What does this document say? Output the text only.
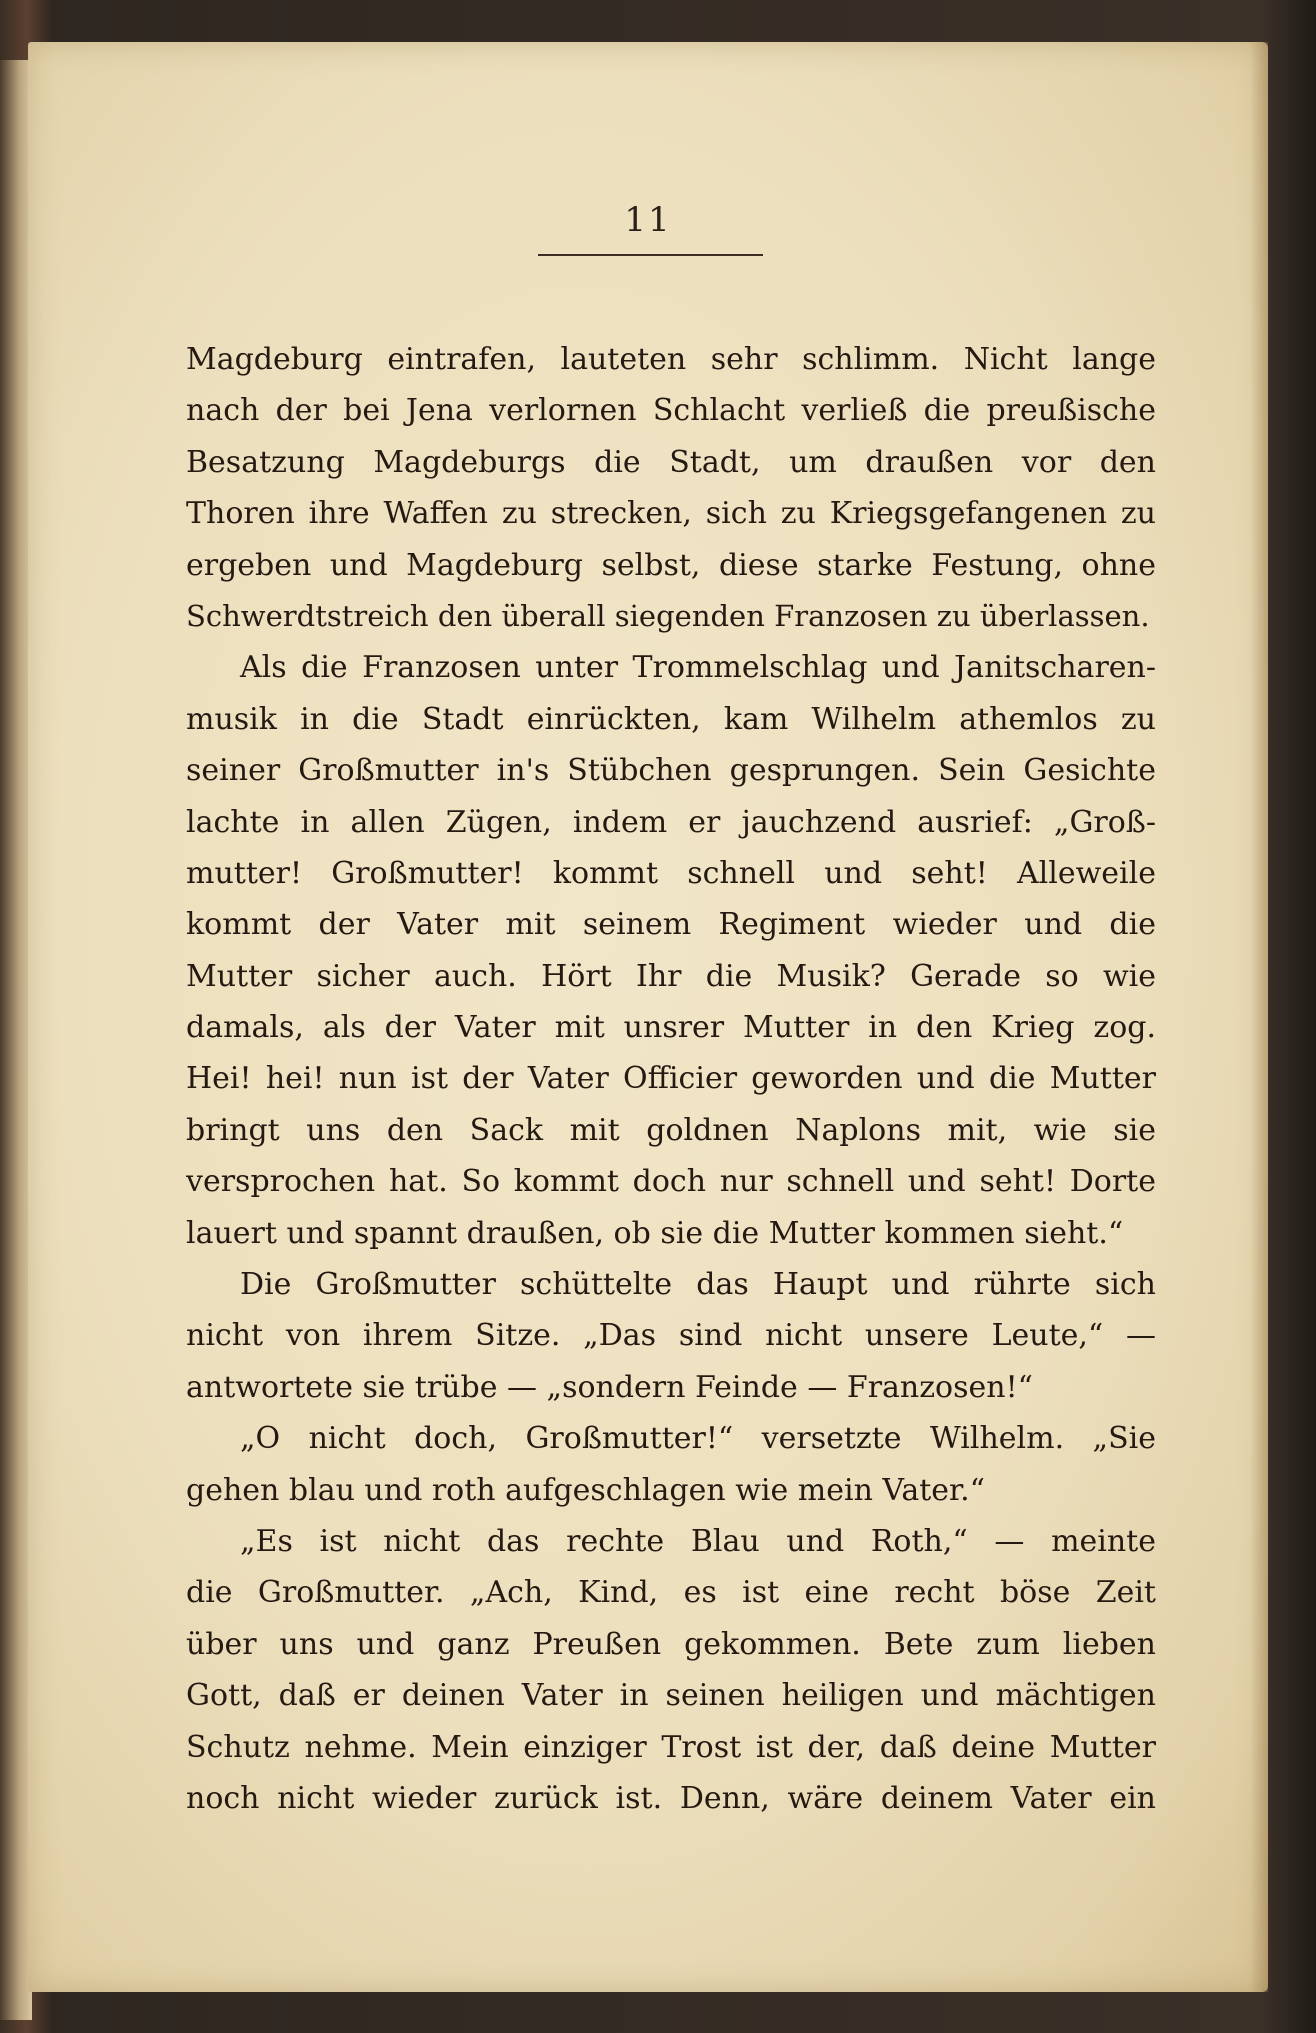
11
Magdeburg eintrafen, lauteten sehr schlimm. Nicht lange
nach der bei Jena verlornen Schlacht verließ die preußische
Besatzung Magdeburgs die Stadt, um draußen vor den
Thoren ihre Waffen zu strecken, sich zu Kriegsgefangenen zu
ergeben und Magdeburg selbst, diese starke Festung, ohne
Schwerdtstreich den überall siegenden Franzosen zu überlassen.
Als die Franzosen unter Trommelschlag und Janitscharen-
musik in die Stadt einrückten, kam Wilhelm athemlos zu
seiner Großmutter in's Stübchen gesprungen. Sein Gesichte
lachte in allen Zügen, indem er jauchzend ausrief: „Groß-
mutter! Großmutter! kommt schnell und seht! Alleweile
kommt der Vater mit seinem Regiment wieder und die
Mutter sicher auch. Hört Ihr die Musik? Gerade so wie
damals, als der Vater mit unsrer Mutter in den Krieg zog.
Hei! hei! nun ist der Vater Officier geworden und die Mutter
bringt uns den Sack mit goldnen Naplons mit, wie sie
versprochen hat. So kommt doch nur schnell und seht! Dorte
lauert und spannt draußen, ob sie die Mutter kommen sieht.“
Die Großmutter schüttelte das Haupt und rührte sich
nicht von ihrem Sitze. „Das sind nicht unsere Leute,“ —
antwortete sie trübe — „sondern Feinde — Franzosen!“
„O nicht doch, Großmutter!“ versetzte Wilhelm. „Sie
gehen blau und roth aufgeschlagen wie mein Vater.“
„Es ist nicht das rechte Blau und Roth,“ — meinte
die Großmutter. „Ach, Kind, es ist eine recht böse Zeit
über uns und ganz Preußen gekommen. Bete zum lieben
Gott, daß er deinen Vater in seinen heiligen und mächtigen
Schutz nehme. Mein einziger Trost ist der, daß deine Mutter
noch nicht wieder zurück ist. Denn, wäre deinem Vater ein
